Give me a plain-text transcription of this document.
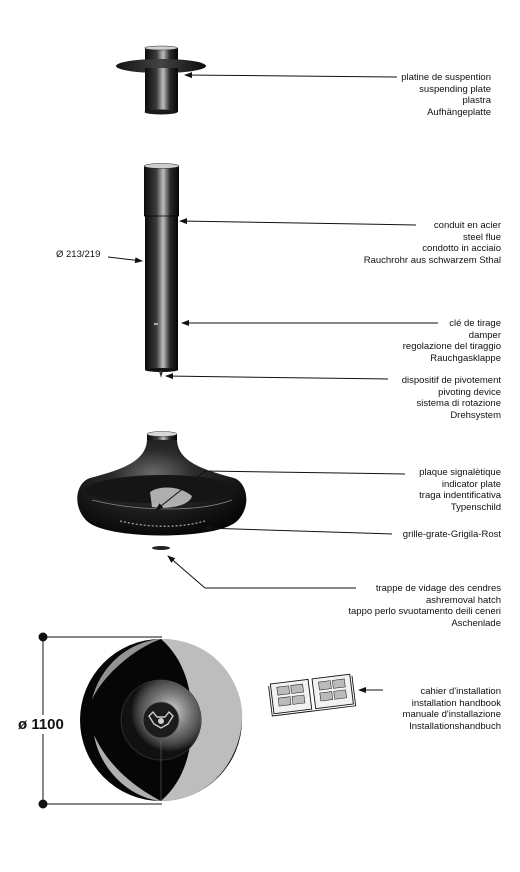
platine de suspention
suspending plate
plastra
Aufhängeplatte
conduit en acier
steel flue
condotto in acciaio
Rauchrohr aus schwarzem Sthal
clé de tirage
damper
regolazione del tiraggio
Rauchgasklappe
dispositif de pivotement
pivoting device
sistema di rotazione
Drehsystem
plaque signalètique
indicator plate
traga indentificativa
Typenschild
grille-grate-Grigila-Rost
trappe de vidage des cendres
ashremoval hatch
tappo perlo svuotamento deili ceneri
Aschenlade
cahier d'installation
installation handbook
manuale d'installazione
Installationshandbuch
Ø 213/219
ø 1100
